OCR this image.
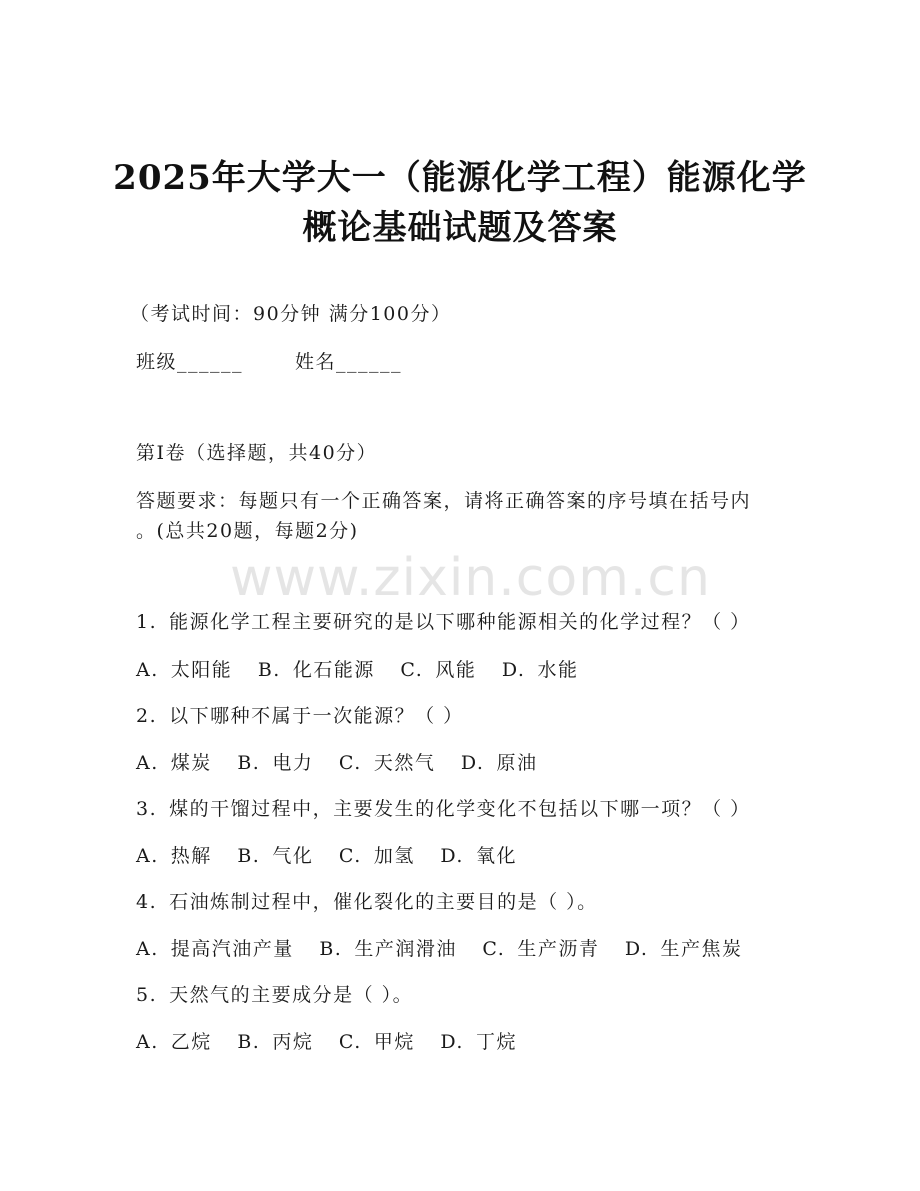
2025年大学大一（能源化学工程）能源化学
概论基础试题及答案
（考试时间：90分钟 满分100分）
班级______	姓名______
第I卷（选择题，共40分）
答题要求：每题只有一个正确答案，请将正确答案的序号填在括号内
。(总共20题，每题2分)
www.zixin.com.cn
1. 能源化学工程主要研究的是以下哪种能源相关的化学过程？（ ）
A. 太阳能 B. 化石能源 C. 风能 D. 水能
2. 以下哪种不属于一次能源？（ ）
A. 煤炭 B. 电力 C. 天然气 D. 原油
3. 煤的干馏过程中，主要发生的化学变化不包括以下哪一项？（ ）
A. 热解 B. 气化 C. 加氢 D. 氧化
4. 石油炼制过程中，催化裂化的主要目的是（ ）。
A. 提高汽油产量 B. 生产润滑油 C. 生产沥青 D. 生产焦炭
5. 天然气的主要成分是（ ）。
A. 乙烷 B. 丙烷 C. 甲烷 D. 丁烷
